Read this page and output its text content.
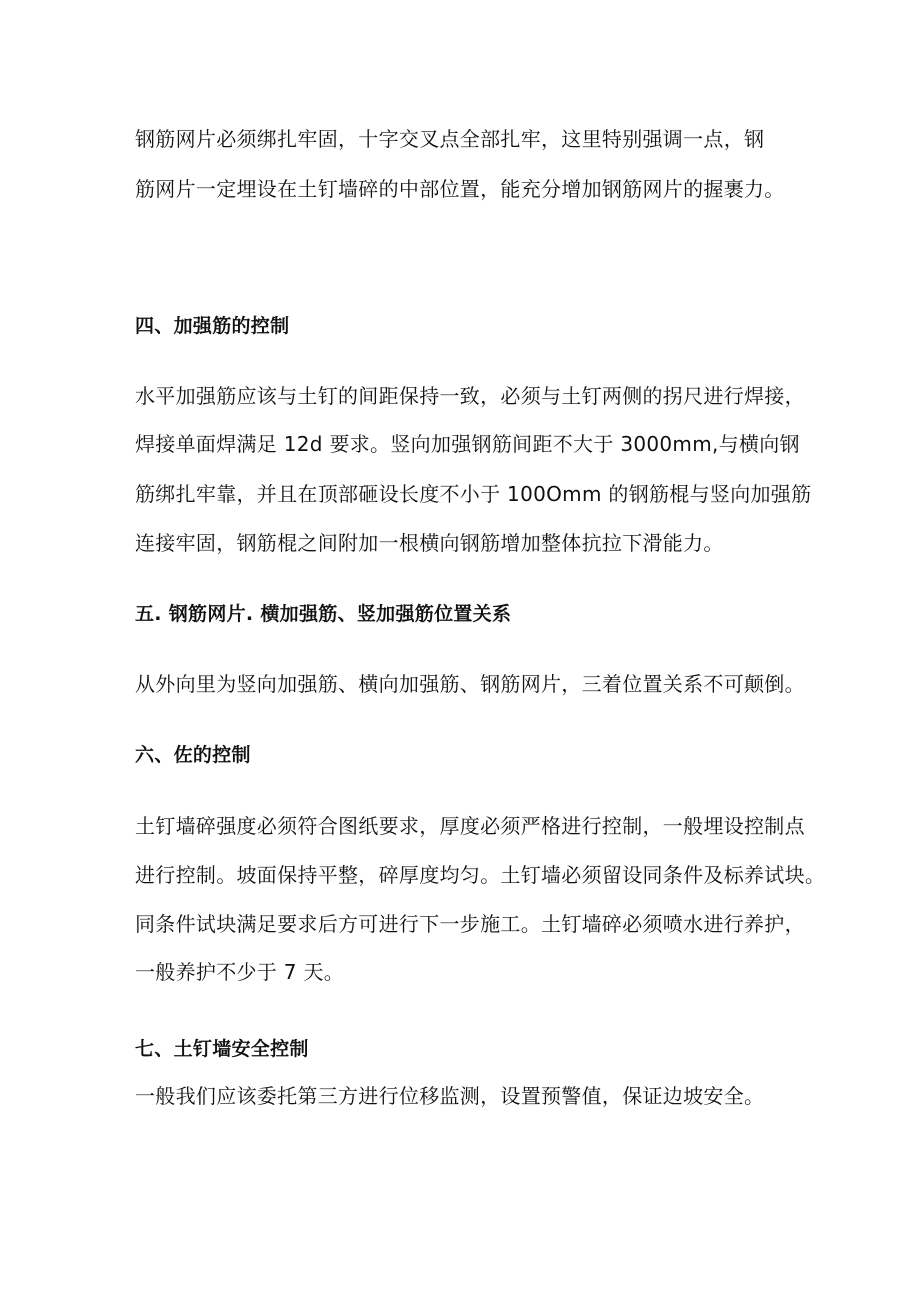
钢筋网片必须绑扎牢固，十字交叉点全部扎牢，这里特别强调一点，钢
筋网片一定埋设在土钉墙碎的中部位置，能充分增加钢筋网片的握裹力。
四、加强筋的控制
水平加强筋应该与土钉的间距保持一致，必须与土钉两侧的拐尺进行焊接，
焊接单面焊满足 12d 要求。竖向加强钢筋间距不大于 3000mm,与横向钢
筋绑扎牢靠，并且在顶部砸设长度不小于 100Omm 的钢筋棍与竖向加强筋
连接牢固，钢筋棍之间附加一根横向钢筋增加整体抗拉下滑能力。
五. 钢筋网片. 横加强筋、竖加强筋位置关系
从外向里为竖向加强筋、横向加强筋、钢筋网片，三着位置关系不可颠倒。
六、佐的控制
土钉墙碎强度必须符合图纸要求，厚度必须严格进行控制，一般埋设控制点
进行控制。坡面保持平整，碎厚度均匀。土钉墙必须留设同条件及标养试块。
同条件试块满足要求后方可进行下一步施工。土钉墙碎必须喷水进行养护，
一般养护不少于 7 天。
七、土钉墙安全控制
一般我们应该委托第三方进行位移监测，设置预警值，保证边坡安全。
